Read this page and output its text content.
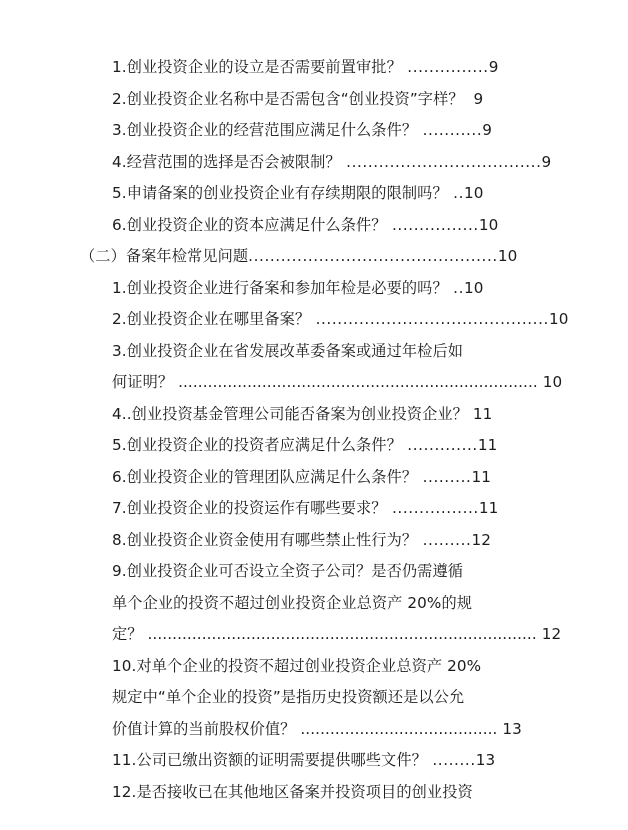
1.创业投资企业的设立是否需要前置审批？ ...............9
2.创业投资企业名称中是否需包含“创业投资”字样？ 9
3.创业投资企业的经营范围应满足什么条件？ ...........9
4.经营范围的选择是否会被限制？ ....................................9
5.申请备案的创业投资企业有存续期限的限制吗？ ..10
6.创业投资企业的资本应满足什么条件？ ................10
（二）备案年检常见问题..............................................10
1.创业投资企业进行备案和参加年检是必要的吗？ ..10
2.创业投资企业在哪里备案？ ...........................................10
3.创业投资企业在省发展改革委备案或通过年检后如
何证明？ ......................................................................... 10
4..创业投资基金管理公司能否备案为创业投资企业？ 11
5.创业投资企业的投资者应满足什么条件？ .............11
6.创业投资企业的管理团队应满足什么条件？ .........11
7.创业投资企业的投资运作有哪些要求？ ................11
8.创业投资企业资金使用有哪些禁止性行为？ .........12
9.创业投资企业可否设立全资子公司？是否仍需遵循
单个企业的投资不超过创业投资企业总资产 20%的规
定？ ............................................................................... 12
10.对单个企业的投资不超过创业投资企业总资产 20%
规定中“单个企业的投资”是指历史投资额还是以公允
价值计算的当前股权价值？ ........................................ 13
11.公司已缴出资额的证明需要提供哪些文件？ ........13
12.是否接收已在其他地区备案并投资项目的创业投资
